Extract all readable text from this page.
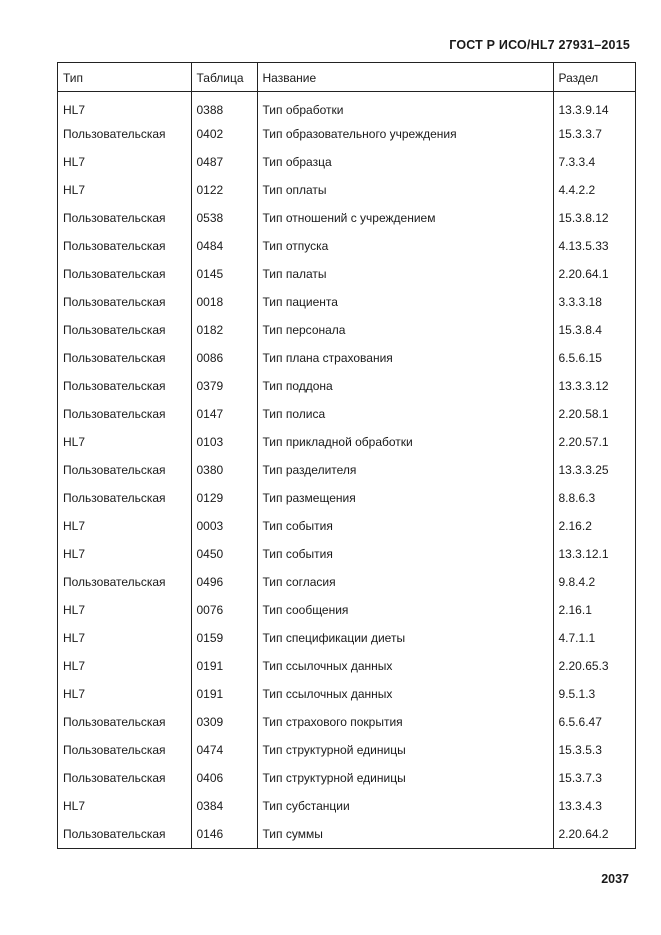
ГОСТ Р ИСО/HL7 27931–2015
Тип	Таблица	Название	Раздел
HL7	0388	Тип обработки	13.3.9.14
Пользовательская	0402	Тип образовательного учреждения	15.3.3.7
HL7	0487	Тип образца	7.3.3.4
HL7	0122	Тип оплаты	4.4.2.2
Пользовательская	0538	Тип отношений с учреждением	15.3.8.12
Пользовательская	0484	Тип отпуска	4.13.5.33
Пользовательская	0145	Тип палаты	2.20.64.1
Пользовательская	0018	Тип пациента	3.3.3.18
Пользовательская	0182	Тип персонала	15.3.8.4
Пользовательская	0086	Тип плана страхования	6.5.6.15
Пользовательская	0379	Тип поддона	13.3.3.12
Пользовательская	0147	Тип полиса	2.20.58.1
HL7	0103	Тип прикладной обработки	2.20.57.1
Пользовательская	0380	Тип разделителя	13.3.3.25
Пользовательская	0129	Тип размещения	8.8.6.3
HL7	0003	Тип события	2.16.2
HL7	0450	Тип события	13.3.12.1
Пользовательская	0496	Тип согласия	9.8.4.2
HL7	0076	Тип сообщения	2.16.1
HL7	0159	Тип спецификации диеты	4.7.1.1
HL7	0191	Тип ссылочных данных	2.20.65.3
HL7	0191	Тип ссылочных данных	9.5.1.3
Пользовательская	0309	Тип страхового покрытия	6.5.6.47
Пользовательская	0474	Тип структурной единицы	15.3.5.3
Пользовательская	0406	Тип структурной единицы	15.3.7.3
HL7	0384	Тип субстанции	13.3.4.3
Пользовательская	0146	Тип суммы	2.20.64.2
2037
